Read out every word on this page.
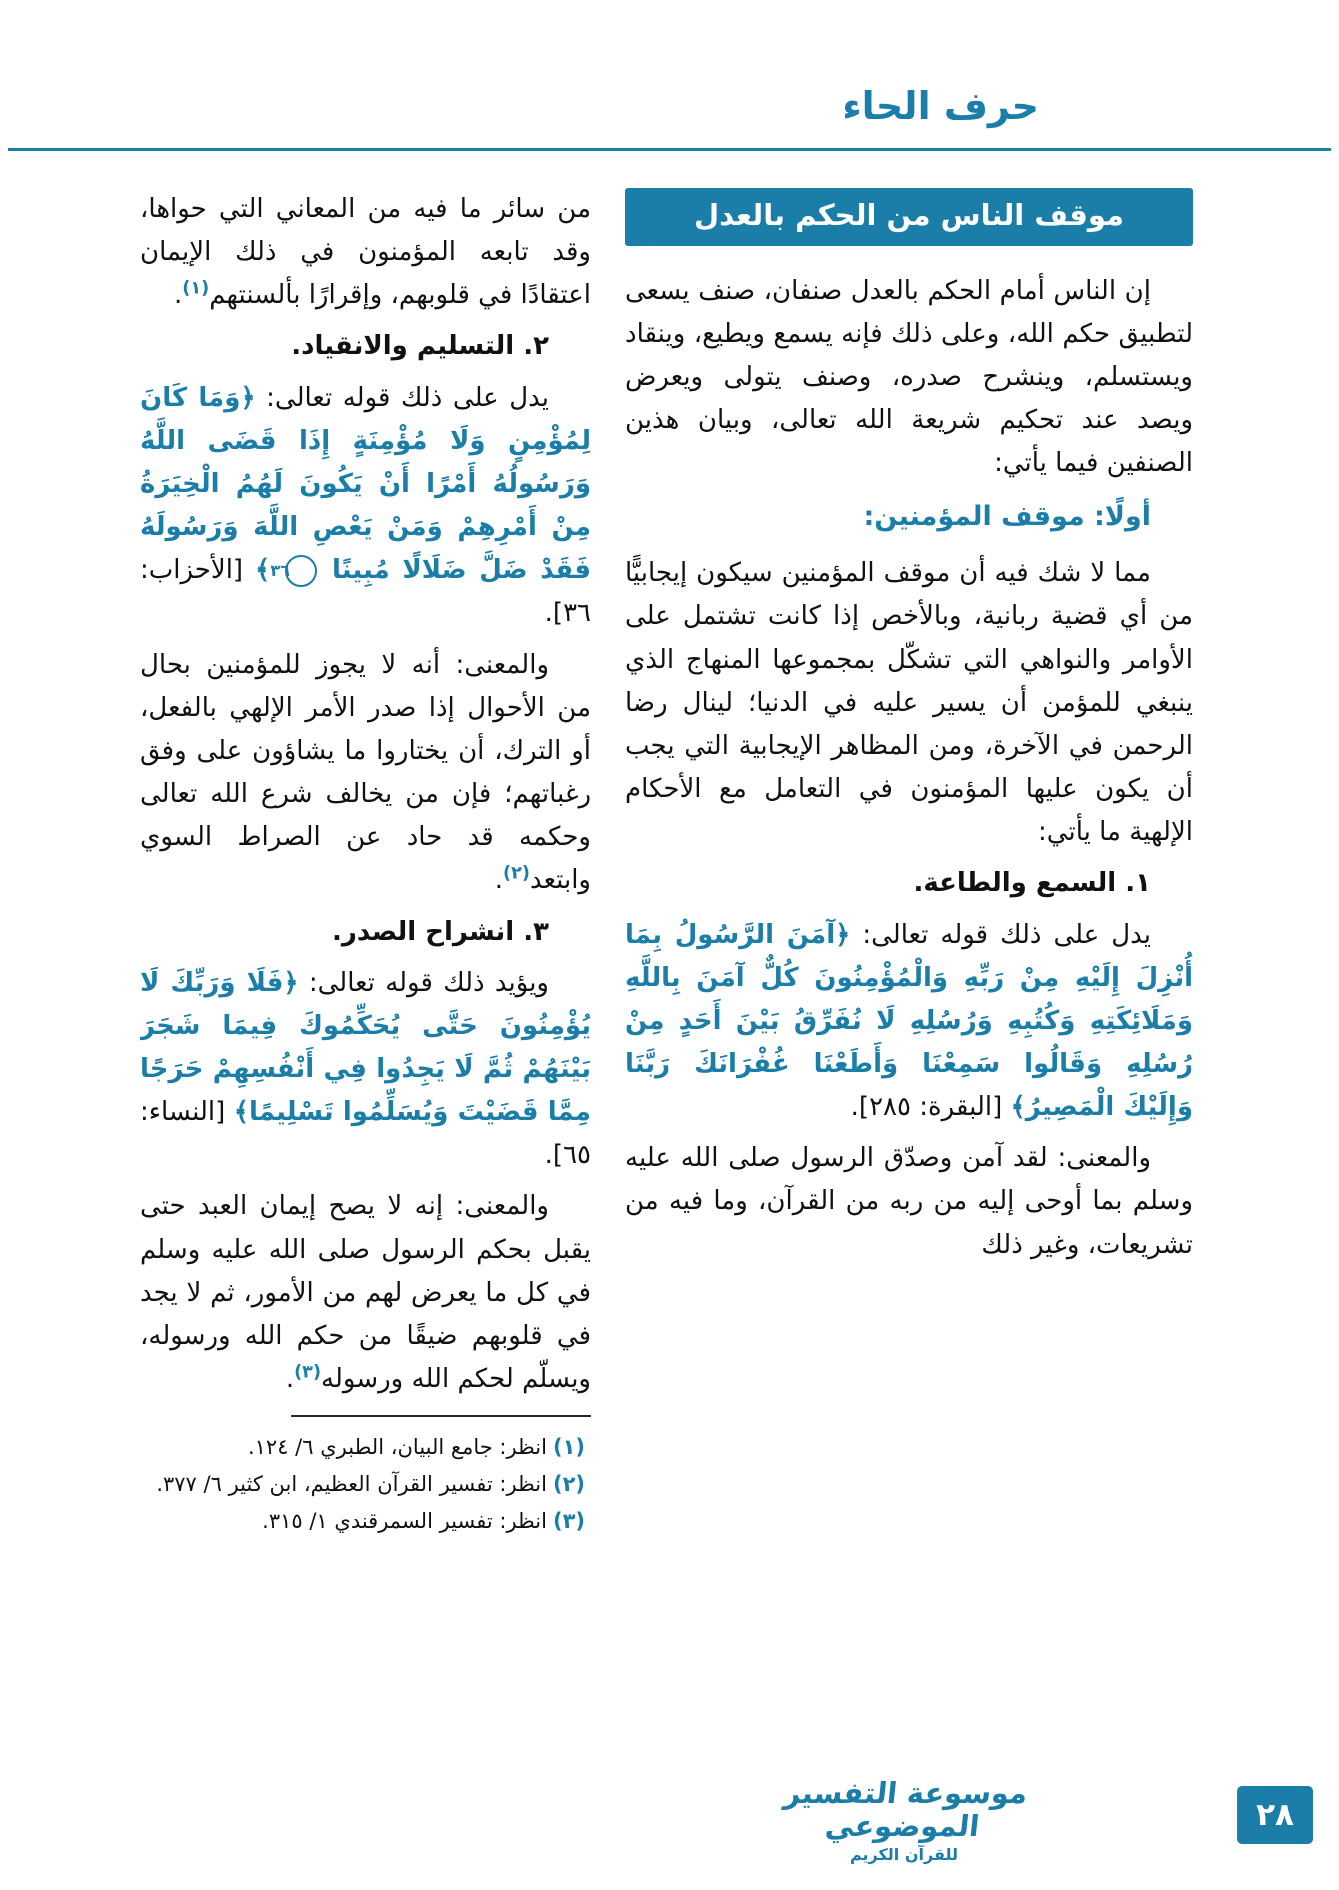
حرف الحاء
موقف الناس من الحكم بالعدل

إن الناس أمام الحكم بالعدل صنفان، صنف يسعى لتطبيق حكم الله، وعلى ذلك فإنه يسمع ويطيع، وينقاد ويستسلم، وينشرح صدره، وصنف يتولى ويعرض ويصد عند تحكيم شريعة الله تعالى، وبيان هذين الصنفين فيما يأتي:

أولًا: موقف المؤمنين:

مما لا شك فيه أن موقف المؤمنين سيكون إيجابيًّا من أي قضية ربانية، وبالأخص إذا كانت تشتمل على الأوامر والنواهي التي تشكّل بمجموعها المنهاج الذي ينبغي للمؤمن أن يسير عليه في الدنيا؛ لينال رضا الرحمن في الآخرة، ومن المظاهر الإيجابية التي يجب أن يكون عليها المؤمنون في التعامل مع الأحكام الإلهية ما يأتي:

١. السمع والطاعة.

يدل على ذلك قوله تعالى: ﴿آمَنَ الرَّسُولُ بِمَا أُنْزِلَ إِلَيْهِ مِنْ رَبِّهِ وَالْمُؤْمِنُونَ كُلٌّ آمَنَ بِاللَّهِ وَمَلَائِكَتِهِ وَكُتُبِهِ وَرُسُلِهِ لَا نُفَرِّقُ بَيْنَ أَحَدٍ مِنْ رُسُلِهِ وَقَالُوا سَمِعْنَا وَأَطَعْنَا غُفْرَانَكَ رَبَّنَا وَإِلَيْكَ الْمَصِيرُ﴾ [البقرة: ٢٨٥].

والمعنى: لقد آمن وصدّق الرسول صلى الله عليه وسلم بما أوحى إليه من ربه من القرآن، وما فيه من تشريعات، وغير ذلك

من سائر ما فيه من المعاني التي حواها، وقد تابعه المؤمنون في ذلك الإيمان اعتقادًا في قلوبهم، وإقرارًا بألسنتهم$^{(١)}$.

٢. التسليم والانقياد.

يدل على ذلك قوله تعالى: ﴿وَمَا كَانَ لِمُؤْمِنٍ وَلَا مُؤْمِنَةٍ إِذَا قَضَى اللَّهُ وَرَسُولُهُ أَمْرًا أَنْ يَكُونَ لَهُمُ الْخِيَرَةُ مِنْ أَمْرِهِمْ وَمَنْ يَعْصِ اللَّهَ وَرَسُولَهُ فَقَدْ ضَلَّ ضَلَالًا مُبِينًا ٣٦ ﴾ [الأحزاب: ٣٦].

والمعنى: أنه لا يجوز للمؤمنين بحال من الأحوال إذا صدر الأمر الإلهي بالفعل، أو الترك، أن يختاروا ما يشاؤون على وفق رغباتهم؛ فإن من يخالف شرع الله تعالى وحكمه قد حاد عن الصراط السوي وابتعد$^{(٢)}$.

٣. انشراح الصدر.

ويؤيد ذلك قوله تعالى: ﴿فَلَا وَرَبِّكَ لَا يُؤْمِنُونَ حَتَّى يُحَكِّمُوكَ فِيمَا شَجَرَ بَيْنَهُمْ ثُمَّ لَا يَجِدُوا فِي أَنْفُسِهِمْ حَرَجًا مِمَّا قَضَيْتَ وَيُسَلِّمُوا تَسْلِيمًا﴾ [النساء: ٦٥].

والمعنى: إنه لا يصح إيمان العبد حتى يقبل بحكم الرسول صلى الله عليه وسلم في كل ما يعرض لهم من الأمور، ثم لا يجد في قلوبهم ضيقًا من حكم الله ورسوله، ويسلّم لحكم الله ورسوله$^{(٣)}$.

(١)انظر: جامع البيان، الطبري ٦/ ١٢٤.

(٢)انظر: تفسير القرآن العظيم، ابن كثير ٦/ ٣٧٧.

(٣)انظر: تفسير السمرقندي ١/ ٣١٥.

موسوعة التفسير الموضوعي
للقرآن الكريم
٢٨
